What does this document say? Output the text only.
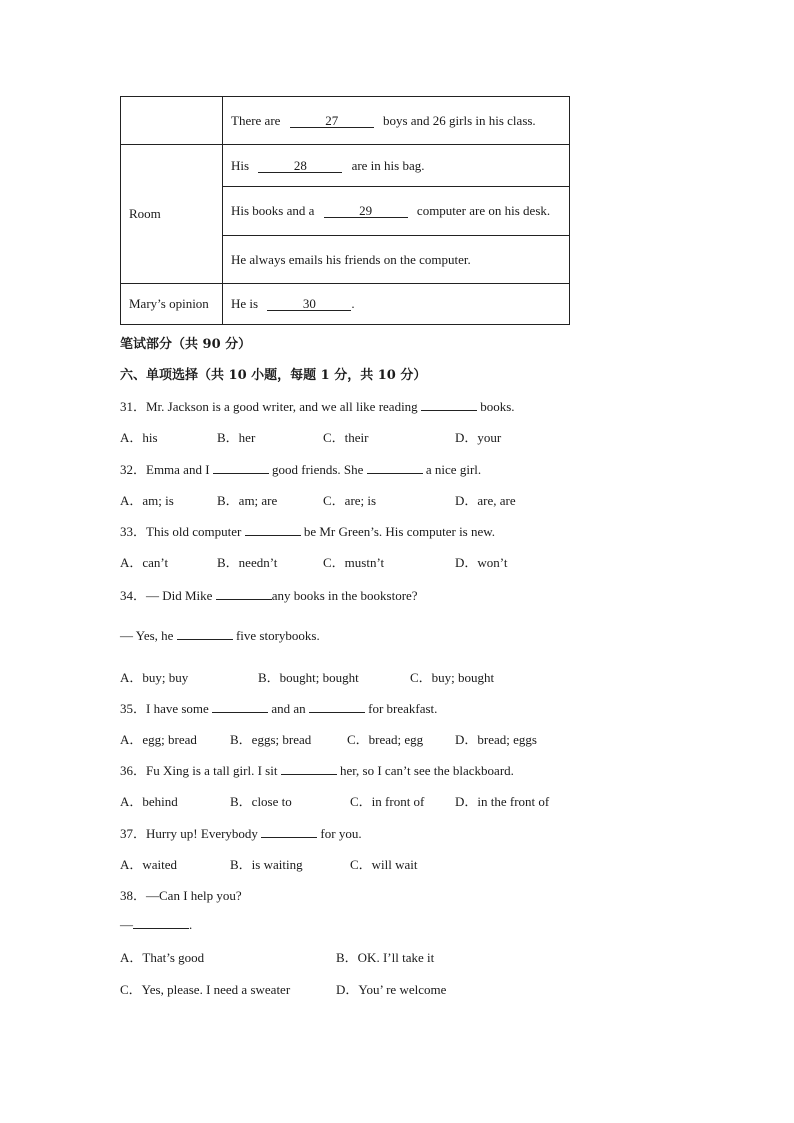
	There are 27 boys and 26 girls in his class.
Room	His 28 are in his bag.
	His books and a 29 computer are on his desk.
	He always emails his friends on the computer.
Mary’s opinion	He is 30 .
笔试部分（共 90 分）
六、单项选择（共 10 小题，每题 1 分，共 10 分）
31．Mr. Jackson is a good writer, and we all like reading	books.
A．his	B．her	C．their	D．your
32．Emma and I	good friends. She	a nice girl.
A．am; is	B．am; are	C．are; is	D．are, are
33．This old computer	be Mr Green’s. His computer is new.
A．can’t	B．needn’t	C．mustn’t	D．won’t
34．— Did Mike	any books in the bookstore?
— Yes, he	five storybooks.
A．buy; buy	B．bought; bought	C．buy; bought
35．I have some	and an	for breakfast.
A．egg; bread	B．eggs; bread	C．bread; egg D．bread; eggs
36．Fu Xing is a tall girl. I sit	her, so I can’t see the blackboard.
A．behind	B．close to	C．in front of D．in the front of
37．Hurry up! Everybody	for you.
A．waited	B．is waiting	C．will wait
38．—Can I help you?
—	.
A．That’s good	B．OK. I’ll take it
C．Yes, please. I need a sweater	D．You’ re welcome
